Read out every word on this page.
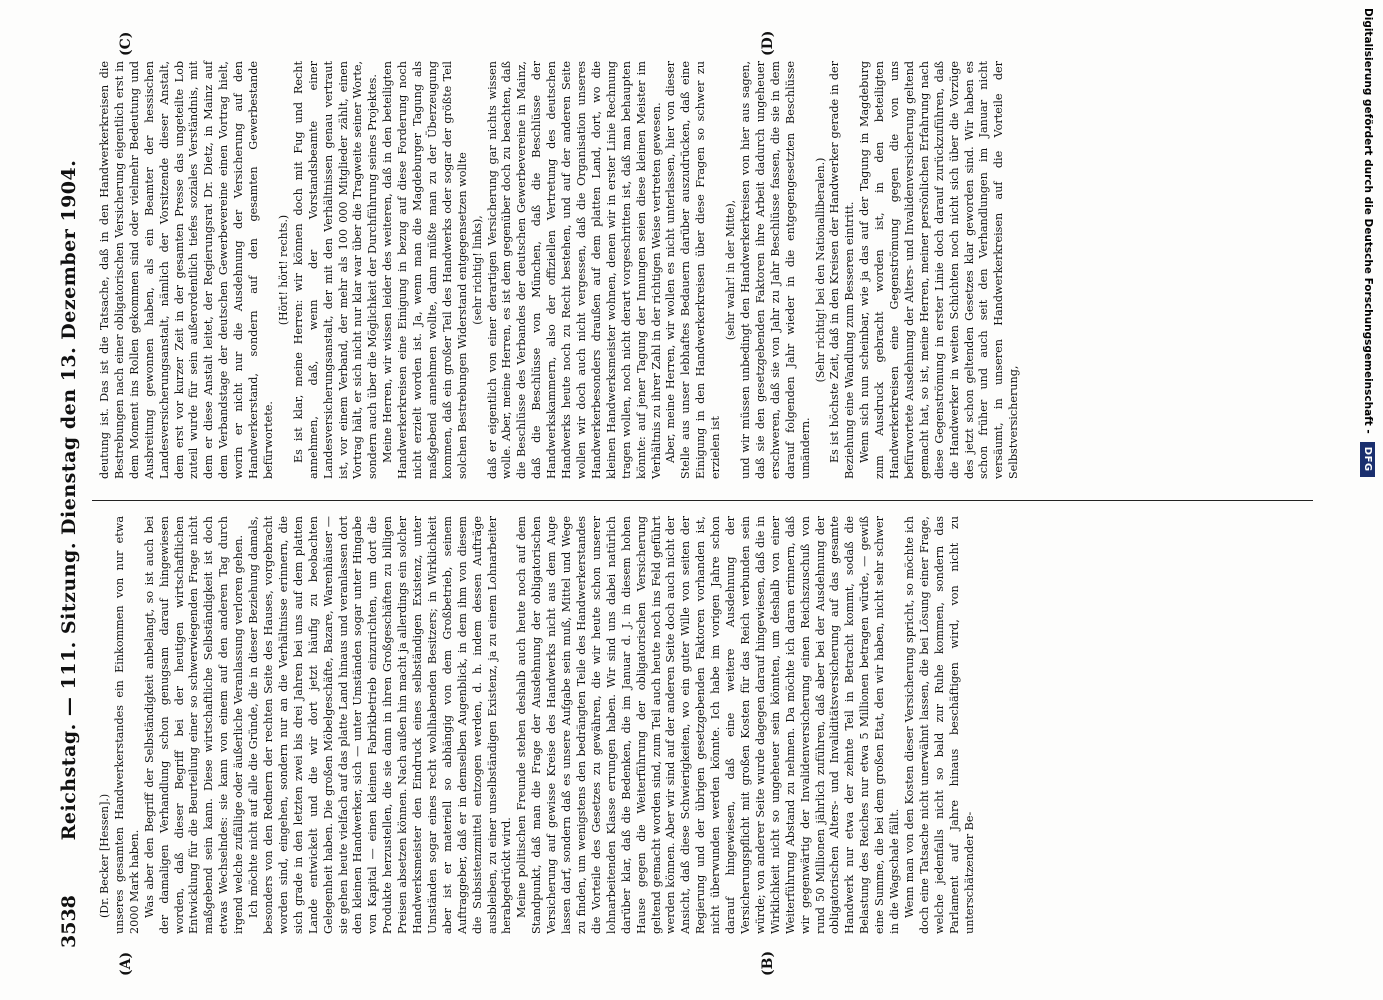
3538
Reichstag. — 111. Sitzung. Dienstag den 13. Dezember 1904.
(A)	(B)
(C)	(D)

(Dr. Becker [Hessen].) unseres gesamten Handwerkerstandes ein Einkommen von nur etwa 2000 Mark haben. Was aber den Begriff der Selbständigkeit anbelangt, so ist auch bei der damaligen Verhandlung schon genugsam darauf hingewiesen worden, daß dieser Begriff bei der heutigen wirtschaftlichen Entwicklung für die Beurteilung einer so schwerwiegenden Frage nicht maßgebend sein kann. Diese wirtschaftliche Selbständigkeit ist doch etwas Wechselndes: sie kann von einem auf den anderen Tag durch irgend welche zufällige oder äußerliche Veranlassung verloren gehen. Ich möchte nicht auf alle die Gründe, die in dieser Beziehung damals, besonders von den Rednern der rechten Seite des Hauses, vorgebracht worden sind, eingehen, sondern nur an die Verhältnisse erinnern, die sich grade in den letzten zwei bis drei Jahren bei uns auf dem platten Lande entwickelt und die wir dort jetzt häufig zu beobachten Gelegenheit haben. Die großen Möbelgeschäfte, Bazare, Warenhäuser — sie gehen heute vielfach auf das platte Land hinaus und veranlassen dort den kleinen Handwerker, sich — unter Umständen sogar unter Hingabe von Kapital — einen kleinen Fabrikbetrieb einzurichten, um dort die Produkte herzustellen, die sie dann in ihren Großgeschäften zu billigen Preisen absetzen können. Nach außen hin macht ja allerdings ein solcher Handwerksmeister den Eindruck eines selbständigen Existenz, unter Umständen sogar eines recht wohlhabenden Besitzers; in Wirklichkeit aber ist er materiell so abhängig von dem Großbetrieb, seinem Auftraggeber, daß er in demselben Augenblick, in dem ihm von diesem die Subsistenzmittel entzogen werden, d. h. indem dessen Aufträge ausbleiben, zu einer unselbständigen Existenz, ja zu einem Lohnarbeiter herabgedrückt wird. Meine politischen Freunde stehen deshalb auch heute noch auf dem Standpunkt, daß man die Frage der Ausdehnung der obligatorischen Versicherung auf gewisse Kreise des Handwerks nicht aus dem Auge lassen darf, sondern daß es unsere Aufgabe sein muß, Mittel und Wege zu finden, um wenigstens den bedrängten Teile des Handwerkerstandes die Vorteile des Gesetzes zu gewähren, die wir heute schon unserer lohnarbeitenden Klasse errungen haben. Wir sind uns dabei natürlich darüber klar, daß die Bedenken, die im Januar d. J. in diesem hohen Hause gegen die Weiterführung der obligatorischen Versicherung geltend gemacht worden sind, zum Teil auch heute noch ins Feld geführt werden können. Aber wir sind auf der anderen Seite doch auch nicht der Ansicht, daß diese Schwierigkeiten, wo ein guter Wille von seiten der Regierung und der übrigen gesetzgebenden Faktoren vorhanden ist, nicht überwunden werden könnte. Ich habe im vorigen Jahre schon darauf hingewiesen, daß eine weitere Ausdehnung der Versicherungspflicht mit großen Kosten für das Reich verbunden sein würde; von anderer Seite wurde dagegen darauf hingewiesen, daß die in Wirklichkeit nicht so ungeheuer sein könnten, um deshalb von einer Weiterführung Abstand zu nehmen. Da möchte ich daran erinnern, daß wir gegenwärtig der Invalidenversicherung einen Reichszuschuß von rund 50 Millionen jährlich zuführen, daß aber bei der Ausdehnung der obligatorischen Alters- und Invaliditätsversicherung auf das gesamte Handwerk nur etwa der zehnte Teil in Betracht kommt, sodaß die Belastung des Reiches nur etwa 5 Millionen betragen würde, — gewiß eine Summe, die bei dem großen Etat, den wir haben, nicht sehr schwer in die Wagschale fällt. Wenn man von den Kosten dieser Versicherung spricht, so möchte ich doch eine Tatsache nicht unerwähnt lassen, die bei Lösung einer Frage, welche jedenfalls nicht so bald zur Ruhe kommen, sondern das Parlament auf Jahre hinaus beschäftigen wird, von nicht zu unterschätzender Be-

deutung ist. Das ist die Tatsache, daß in den Handwerkerkreisen die Bestrebungen nach einer obligatorischen Versicherung eigentlich erst in dem Moment ins Rollen gekommen sind oder vielmehr Bedeutung und Ausbreitung gewonnen haben, als ein Beamter der hessischen Landesversicherungsanstalt, nämlich der Vorsitzende dieser Anstalt, dem erst vor kurzer Zeit in der gesamten Presse das ungeteilte Lob zuteil wurde für sein außerordentlich tiefes soziales Verständnis, mit dem er diese Anstalt leitet, der Regierungsrat Dr. Dietz, in Mainz auf dem Verbandstage der deutschen Gewerbevereine einen Vortrag hielt, worin er nicht nur die Ausdehnung der Versicherung auf den Handwerkerstand, sondern auf den gesamten Gewerbestande befürwortete.

(Hört! hört! rechts.) Es ist klar, meine Herren: wir können doch mit Fug und Recht annehmen, daß, wenn der Vorstandsbeamte einer Landesversicherungsanstalt, der mit den Verhältnissen genau vertraut ist, vor einem Verband, der mehr als 100 000 Mitglieder zählt, einen Vortrag hält, er sich nicht nur klar war über die Tragweite seiner Worte, sondern auch über die Möglichkeit der Durchführung seines Projektes. Meine Herren, wir wissen leider des weiteren, daß in den beteiligten Handwerkerkreisen eine Einigung in bezug auf diese Forderung noch nicht erzielt worden ist. Ja, wenn man die Magdeburger Tagung als maßgebend annehmen wollte, dann müßte man zu der Überzeugung kommen, daß ein großer Teil des Handwerks oder sogar der größte Teil solchen Bestrebungen Widerstand entgegensetzen wollte (sehr richtig! links), daß er eigentlich von einer derartigen Versicherung gar nichts wissen wolle. Aber, meine Herren, es ist dem gegenüber doch zu beachten, daß die Beschlüsse des Verbandes der deutschen Gewerbevereine in Mainz, daß die Beschlüsse von München, daß die Beschlüsse der Handwerkskammern, also der offiziellen Vertretung des deutschen Handwerks heute noch zu Recht bestehen, und auf der anderen Seite wollen wir doch auch nicht vergessen, daß die Organisation unseres Handwerkerbesonders draußen auf dem platten Land, dort, wo die kleinen Handwerksmeister wohnen, denen wir in erster Linie Rechnung tragen wollen, noch nicht derart vorgeschritten ist, daß man behaupten könnte: auf jener Tagung der Innungen seien diese kleinen Meister im Verhältnis zu ihrer Zahl in der richtigen Weise vertreten gewesen. Aber, meine Herren, wir wollen es nicht unterlassen, hier von dieser Stelle aus unser lebhaftes Bedauern darüber auszudrücken, daß eine Einigung in den Handwerkerkreisen über diese Fragen so schwer zu erzielen ist

(sehr wahr! in der Mitte), und wir müssen unbedingt den Handwerkerkreisen von hier aus sagen, daß sie den gesetzgebenden Faktoren ihre Arbeit dadurch ungeheuer erschweren, daß sie von Jahr zu Jahr Beschlüsse fassen, die sie in dem darauf folgenden Jahr wieder in die entgegengesetzten Beschlüsse umändern.

(Sehr richtig! bei den Nationalliberalen.) Es ist höchste Zeit, daß in den Kreisen der Handwerker gerade in der Beziehung eine Wandlung zum Besseren eintritt. Wenn sich nun scheinbar, wie ja das auf der Tagung in Magdeburg zum Ausdruck gebracht worden ist, in den beteiligten Handwerkerkreisen eine Gegenströmung gegen die von uns befürwortete Ausdehnung der Alters- und Invalidenversicherung geltend gemacht hat, so ist, meine Herren, meiner persönlichen Erfahrung nach diese Gegenströmung in erster Linie doch darauf zurückzuführen, daß die Handwerker in weiten Schichten noch nicht sich über die Vorzüge des jetzt schon geltenden Gesetzes klar geworden sind. Wir haben es schon früher und auch seit den Verhandlungen im Januar nicht versäumt, in unseren Handwerkerkreisen auf die Vorteile der Selbstversicherung,	Digitalisierung gefördert durch die Deutsche Forschungsgemeinschaft -
DFG
